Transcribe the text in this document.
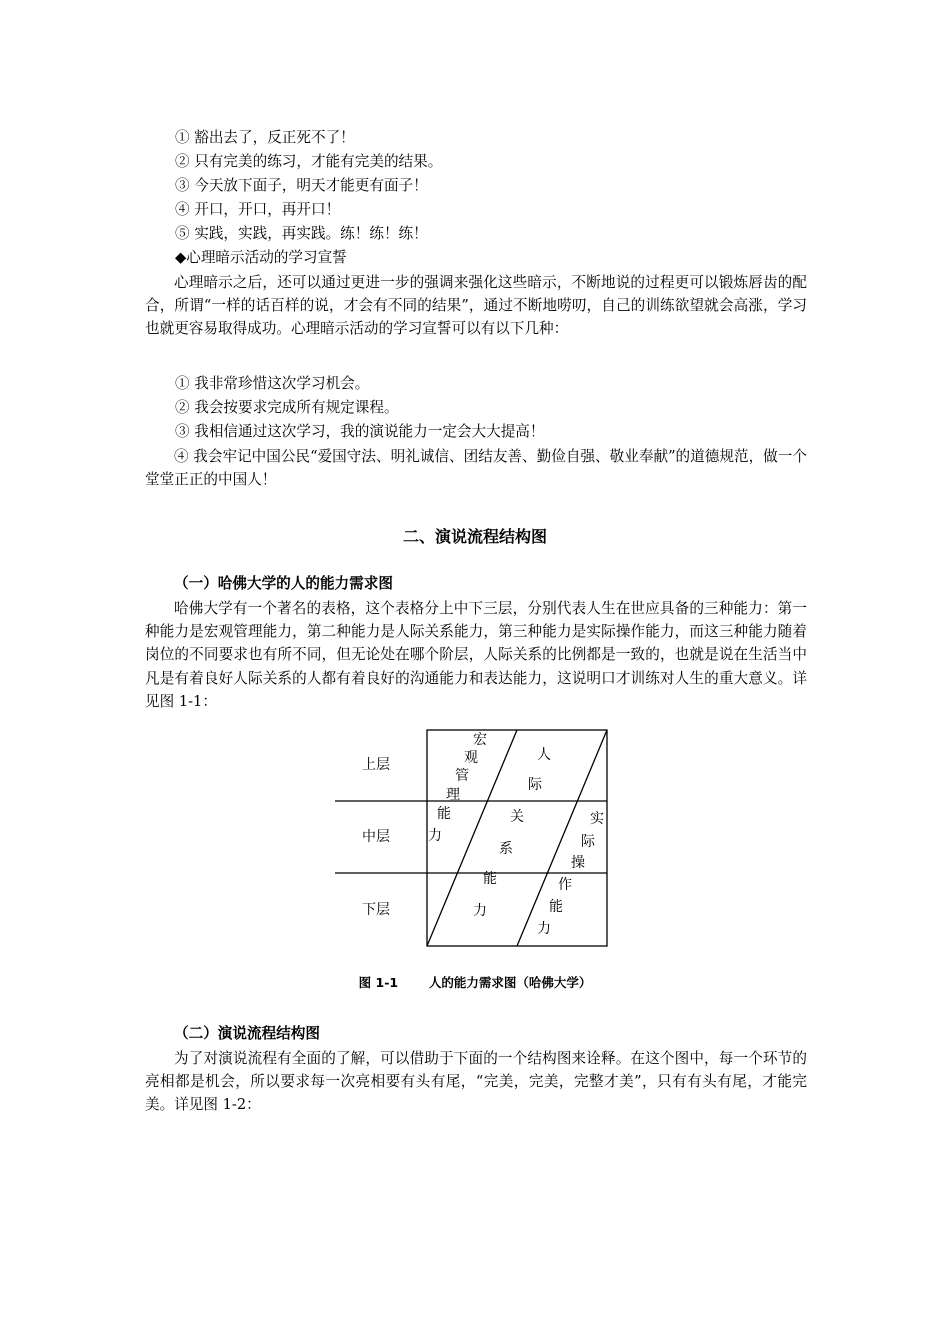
① 豁出去了，反正死不了！
② 只有完美的练习，才能有完美的结果。
③ 今天放下面子，明天才能更有面子！
④ 开口，开口，再开口！
⑤ 实践，实践，再实践。练！练！练！
◆心理暗示活动的学习宣誓
心理暗示之后，还可以通过更进一步的强调来强化这些暗示，不断地说的过程更可以锻炼唇齿的配合，所谓“一样的话百样的说，才会有不同的结果”，通过不断地唠叨，自己的训练欲望就会高涨，学习也就更容易取得成功。心理暗示活动的学习宣誓可以有以下几种：
① 我非常珍惜这次学习机会。
② 我会按要求完成所有规定课程。
③ 我相信通过这次学习，我的演说能力一定会大大提高！
④ 我会牢记中国公民“爱国守法、明礼诚信、团结友善、勤俭自强、敬业奉献”的道德规范，做一个堂堂正正的中国人！
二、演说流程结构图
（一）哈佛大学的人的能力需求图
哈佛大学有一个著名的表格，这个表格分上中下三层，分别代表人生在世应具备的三种能力：第一种能力是宏观管理能力，第二种能力是人际关系能力，第三种能力是实际操作能力，而这三种能力随着岗位的不同要求也有所不同，但无论处在哪个阶层，人际关系的比例都是一致的，也就是说在生活当中凡是有着良好人际关系的人都有着良好的沟通能力和表达能力，这说明口才训练对人生的重大意义。详见图 1-1：
上层
中层
下层
宏
观
管
理
能
力
人
际
关
系
能
力
实
际
操
作
能
力
图 1-1 人的能力需求图（哈佛大学）
（二）演说流程结构图
为了对演说流程有全面的了解，可以借助于下面的一个结构图来诠释。在这个图中，每一个环节的亮相都是机会，所以要求每一次亮相要有头有尾，“完美，完美，完整才美”，只有有头有尾，才能完美。详见图 1-2：
